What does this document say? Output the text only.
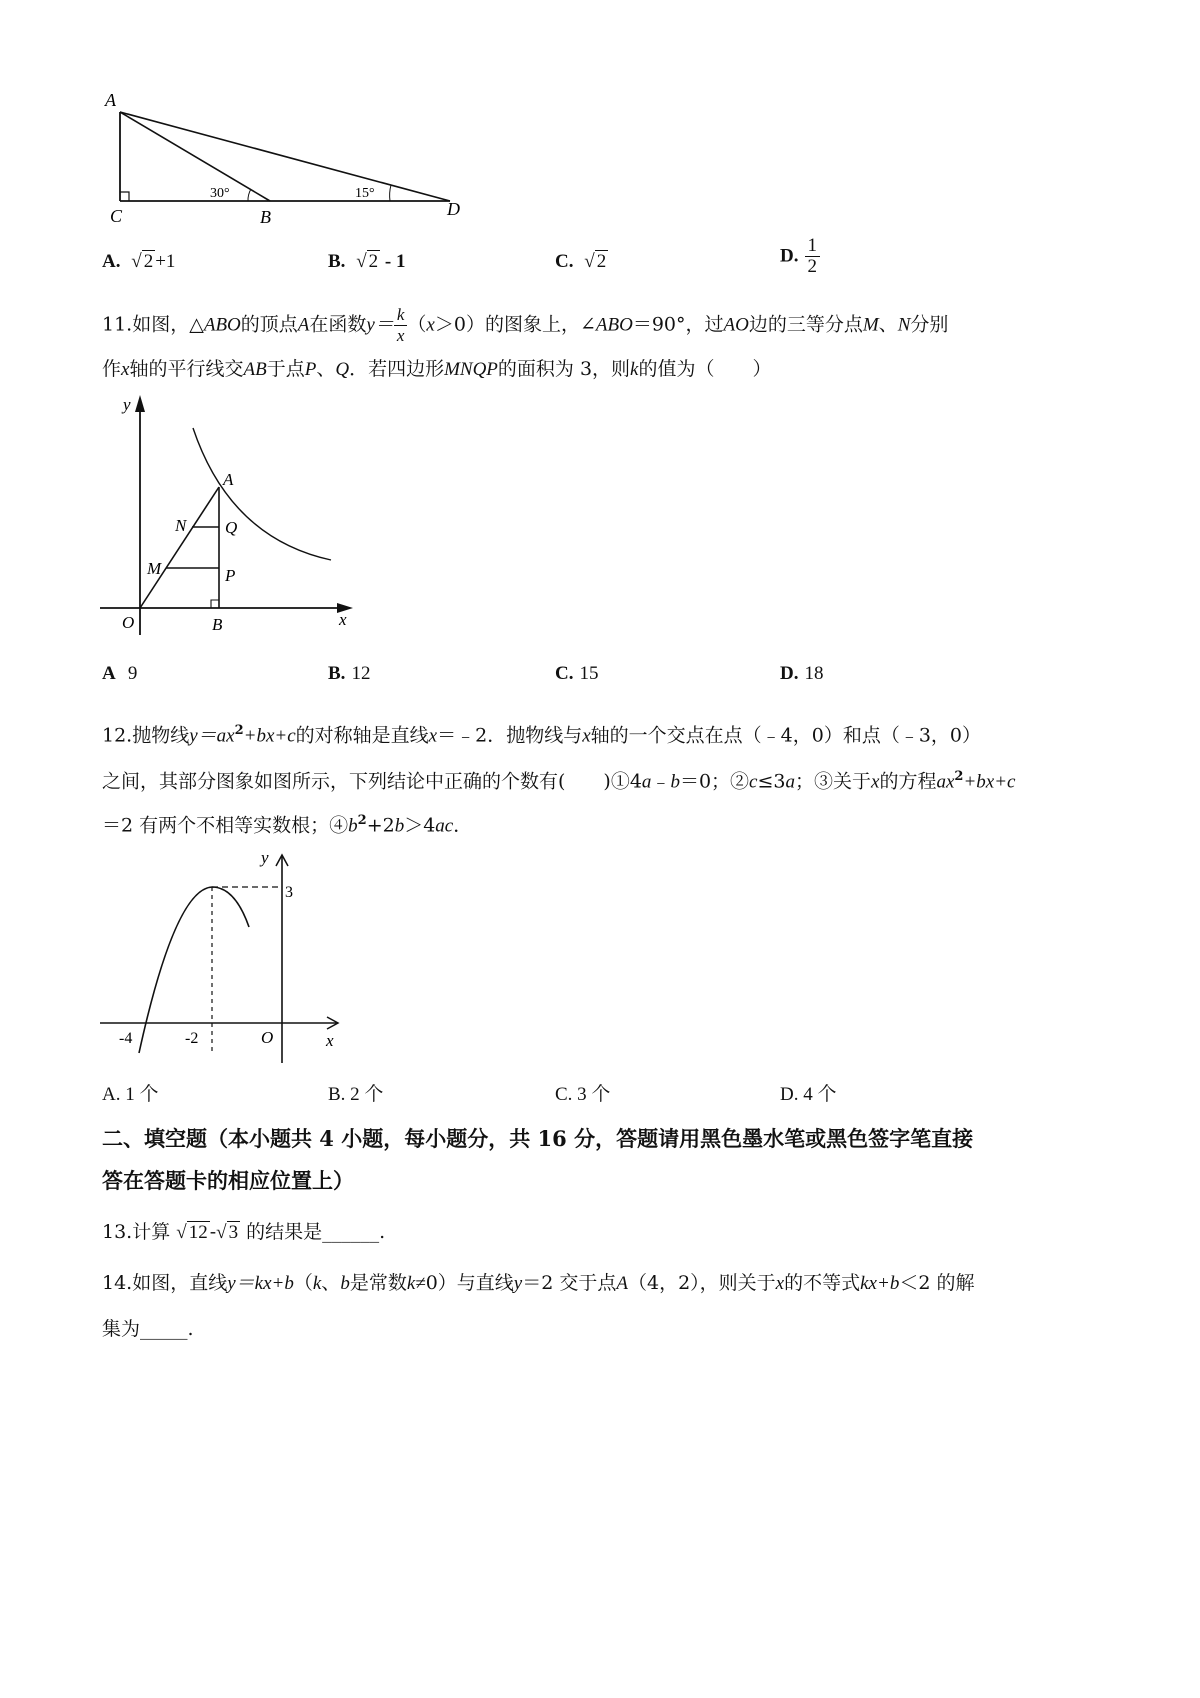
A
C	B	D
30°	15°
A.  √ 2 +1	B.  √ 2 - 1	C.  √ 2	D. $\frac{1}{2}$
11.如图，△ABO的顶点A在函数$y= \frac{k}{x} (x>0)$的图象上，∠ABO＝90°，过AO边的三等分点M、N分别
作x轴的平行线交AB于点P、Q．若四边形MNQP的面积为 3，则k的值为（　　）
y
x
A
N Q
M	P
O	B
A 9	B. 12	C. 15	D. 18
12.抛物线$y=ax^2+bx+c$的对称轴是直线x＝﹣2．抛物线与x轴的一个交点在点（﹣4，0）和点（﹣3，0）
之间，其部分图象如图所示，下列结论中正确的个数有(　　)①4a﹣b＝0；②c≤3a；③关于x的方程$ax^2+bx+c$
＝2 有两个不相等实数根；$④b^2+2b>4ac$．
y
x
3
-4	-2	O
A. 1 个	B. 2 个	C. 3 个	D. 4 个
二、填空题（本小题共 4 小题，每小题分，共 16 分，答题请用黑色墨水笔或黑色签字笔直接
答在答题卡的相应位置上）
13.计算 √ 12 -√ 3 的结果是______.
14.如图，直线y＝kx+b（k、b是常数k≠0）与直线y＝2 交于点A（4，2），则关于x的不等式kx+b＜2 的解
集为_____.
